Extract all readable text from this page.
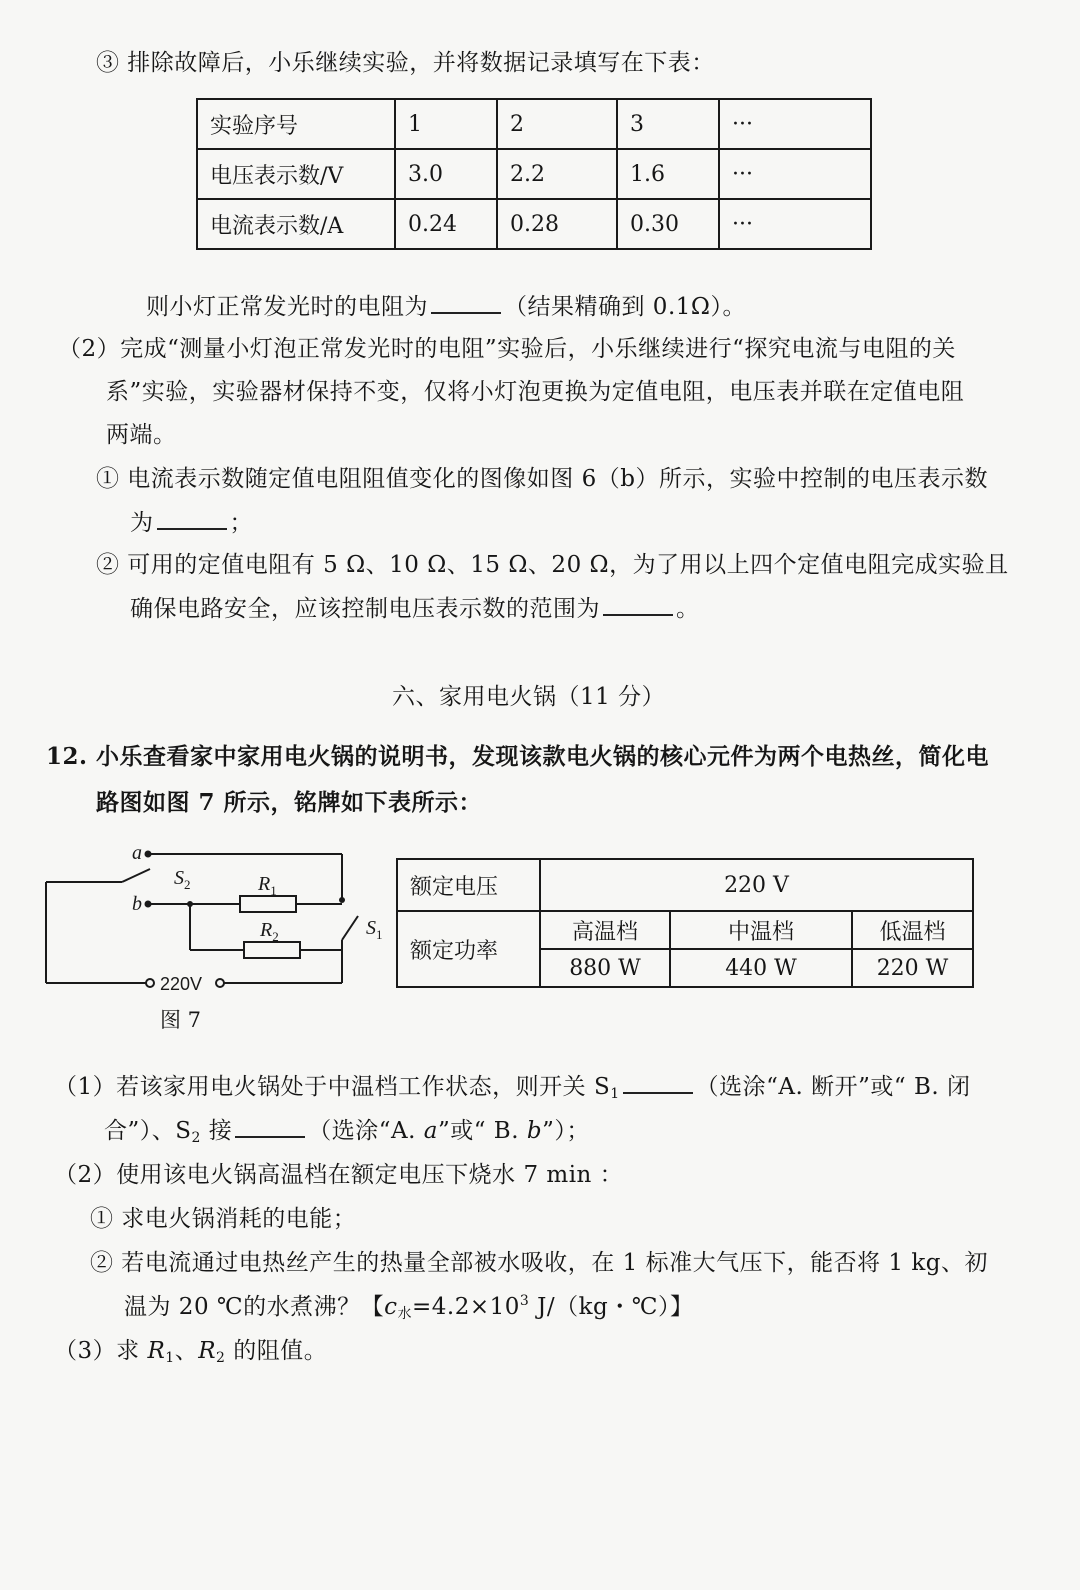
③ 排除故障后，小乐继续实验，并将数据记录填写在下表：
实验序号	1	2	3	···
电压表示数/V	3.0	2.2	1.6	···
电流表示数/A	0.24	0.28	0.30	···
则小灯正常发光时的电阻为	（结果精确到 0.1Ω）。
（2）完成“测量小灯泡正常发光时的电阻”实验后，小乐继续进行“探究电流与电阻的关
系”实验，实验器材保持不变，仅将小灯泡更换为定值电阻，电压表并联在定值电阻
两端。
① 电流表示数随定值电阻阻值变化的图像如图 6（b）所示，实验中控制的电压表示数
为	；
② 可用的定值电阻有 5 Ω、10 Ω、15 Ω、20 Ω，为了用以上四个定值电阻完成实验且
确保电路安全，应该控制电压表示数的范围为	。
六、家用电火锅（11 分）
12. 小乐查看家中家用电火锅的说明书，发现该款电火锅的核心元件为两个电热丝，简化电
路图如图 7 所示，铭牌如下表所示：
a
b
$S_2$	$R_1$
$R_2$	$S_1$
220V
图 7
额定电压	220 V		
额定功率	高温档	中温档	低温档
	880 W	440 W	220 W
（1）若该家用电火锅处于中温档工作状态，则开关 $S_1$	（选涂“A. 断开”或“ B. 闭
合”）、$S_2$ 接	（选涂“A. a”或“ B. b”）；
（2）使用该电火锅高温档在额定电压下烧水 7 min ：
① 求电火锅消耗的电能；
② 若电流通过电热丝产生的热量全部被水吸收，在 1 标准大气压下，能否将 1 kg、初
温为 20 ℃的水煮沸？【$c_水=4.2\times 10^3$ J/（kg・℃）】
（3）求 $R_1$、$R_2$ 的阻值。
